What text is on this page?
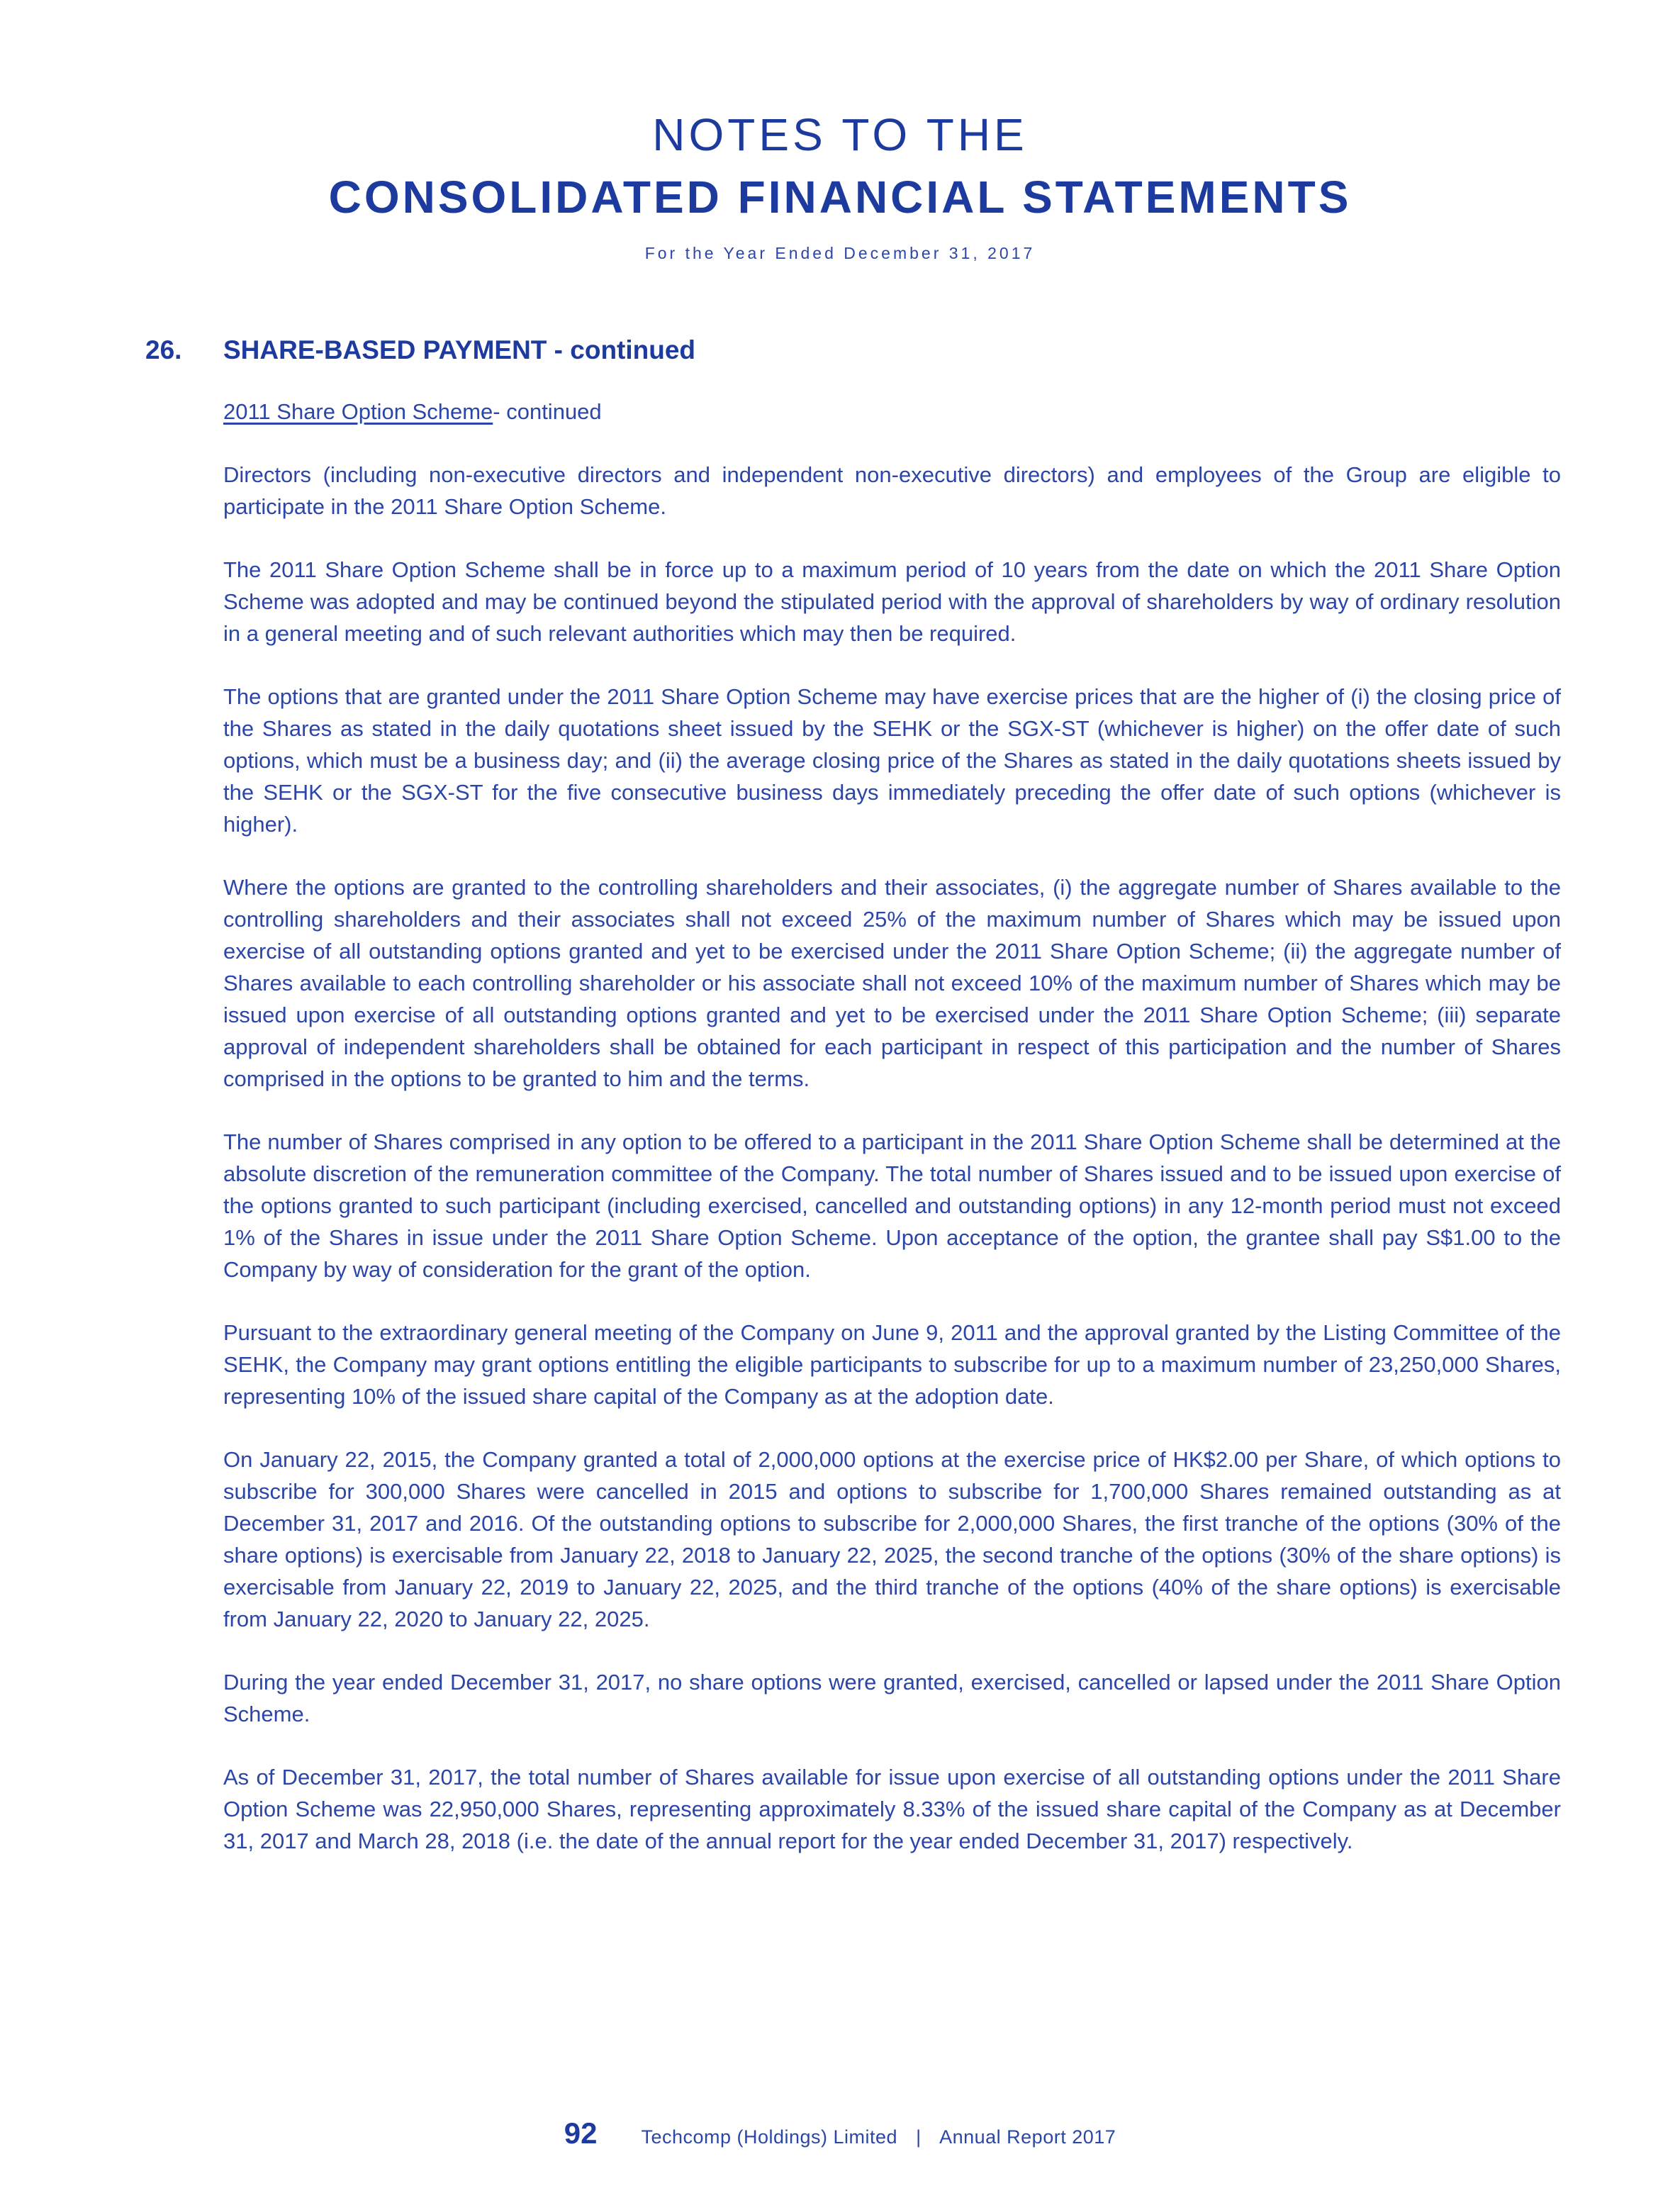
NOTES TO THE

CONSOLIDATED FINANCIAL STATEMENTS

For the Year Ended December 31, 2017
26.	SHARE-BASED PAYMENT - continued
2011 Share Option Scheme- continued

Directors (including non-executive directors and independent non-executive directors) and employees of the Group are eligible to participate in the 2011 Share Option Scheme.

The 2011 Share Option Scheme shall be in force up to a maximum period of 10 years from the date on which the 2011 Share Option Scheme was adopted and may be continued beyond the stipulated period with the approval of shareholders by way of ordinary resolution in a general meeting and of such relevant authorities which may then be required.

The options that are granted under the 2011 Share Option Scheme may have exercise prices that are the higher of (i) the closing price of the Shares as stated in the daily quotations sheet issued by the SEHK or the SGX-ST (whichever is higher) on the offer date of such options, which must be a business day; and (ii) the average closing price of the Shares as stated in the daily quotations sheets issued by the SEHK or the SGX-ST for the five consecutive business days immediately preceding the offer date of such options (whichever is higher).

Where the options are granted to the controlling shareholders and their associates, (i) the aggregate number of Shares available to the controlling shareholders and their associates shall not exceed 25% of the maximum number of Shares which may be issued upon exercise of all outstanding options granted and yet to be exercised under the 2011 Share Option Scheme; (ii) the aggregate number of Shares available to each controlling shareholder or his associate shall not exceed 10% of the maximum number of Shares which may be issued upon exercise of all outstanding options granted and yet to be exercised under the 2011 Share Option Scheme; (iii) separate approval of independent shareholders shall be obtained for each participant in respect of this participation and the number of Shares comprised in the options to be granted to him and the terms.

The number of Shares comprised in any option to be offered to a participant in the 2011 Share Option Scheme shall be determined at the absolute discretion of the remuneration committee of the Company. The total number of Shares issued and to be issued upon exercise of the options granted to such participant (including exercised, cancelled and outstanding options) in any 12-month period must not exceed 1% of the Shares in issue under the 2011 Share Option Scheme. Upon acceptance of the option, the grantee shall pay S$1.00 to the Company by way of consideration for the grant of the option.

Pursuant to the extraordinary general meeting of the Company on June 9, 2011 and the approval granted by the Listing Committee of the SEHK, the Company may grant options entitling the eligible participants to subscribe for up to a maximum number of 23,250,000 Shares, representing 10% of the issued share capital of the Company as at the adoption date.

On January 22, 2015, the Company granted a total of 2,000,000 options at the exercise price of HK$2.00 per Share, of which options to subscribe for 300,000 Shares were cancelled in 2015 and options to subscribe for 1,700,000 Shares remained outstanding as at December 31, 2017 and 2016. Of the outstanding options to subscribe for 2,000,000 Shares, the first tranche of the options (30% of the share options) is exercisable from January 22, 2018 to January 22, 2025, the second tranche of the options (30% of the share options) is exercisable from January 22, 2019 to January 22, 2025, and the third tranche of the options (40% of the share options) is exercisable from January 22, 2020 to January 22, 2025.

During the year ended December 31, 2017, no share options were granted, exercised, cancelled or lapsed under the 2011 Share Option Scheme.

As of December 31, 2017, the total number of Shares available for issue upon exercise of all outstanding options under the 2011 Share Option Scheme was 22,950,000 Shares, representing approximately 8.33% of the issued share capital of the Company as at December 31, 2017 and March 28, 2018 (i.e. the date of the annual report for the year ended December 31, 2017) respectively.

92 Techcomp (Holdings) Limited | Annual Report 2017
